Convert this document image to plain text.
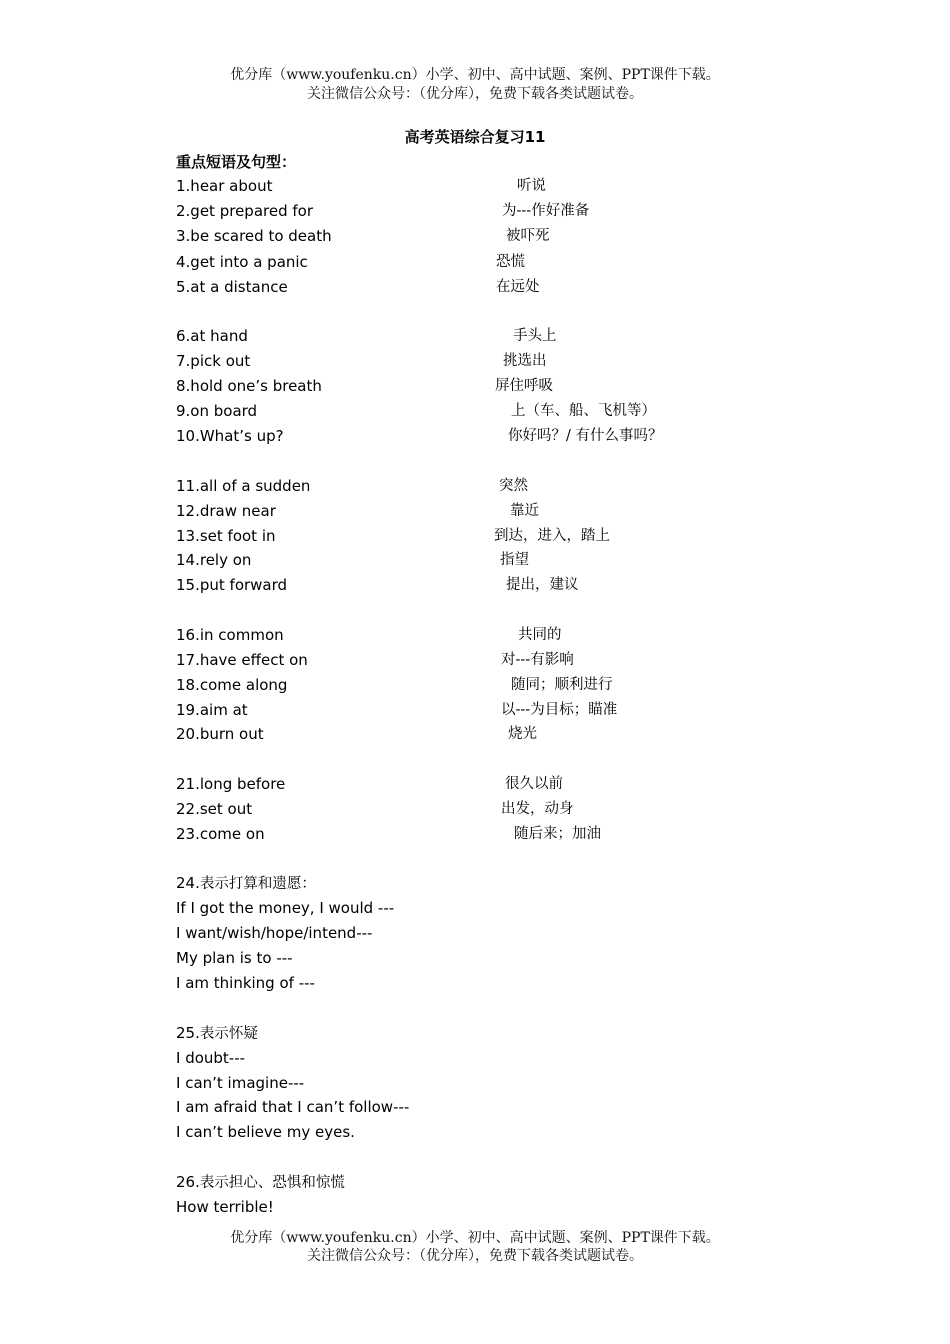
优分库（www.youfenku.cn）小学、初中、高中试题、案例、PPT课件下载。
关注微信公众号：（优分库），免费下载各类试题试卷。
高考英语综合复习11
重点短语及句型：
1.hear about	听说
2.get prepared for	为---作好准备
3.be scared to death	被吓死
4.get into a panic	恐慌
5.at a distance	在远处
6.at hand	手头上
7.pick out	挑选出
8.hold one’s breath	屏住呼吸
9.on board	上（车、船、飞机等）
10.What’s up?	你好吗？/ 有什么事吗？
11.all of a sudden	突然
12.draw near	靠近
13.set foot in	到达，进入，踏上
14.rely on	指望
15.put forward	提出，建议
16.in common	共同的
17.have effect on	对---有影响
18.come along	随同；顺利进行
19.aim at	以---为目标；瞄准
20.burn out	烧光
21.long before	很久以前
22.set out	出发，动身
23.come on	随后来；加油
24.表示打算和遗愿：
If I got the money, I would ---
I want/wish/hope/intend---
My plan is to ---
I am thinking of ---
25.表示怀疑
I doubt---
I can’t imagine---
I am afraid that I can’t follow---
I can’t believe my eyes.
26.表示担心、恐惧和惊慌
How terrible!
优分库（www.youfenku.cn）小学、初中、高中试题、案例、PPT课件下载。
关注微信公众号：（优分库），免费下载各类试题试卷。
